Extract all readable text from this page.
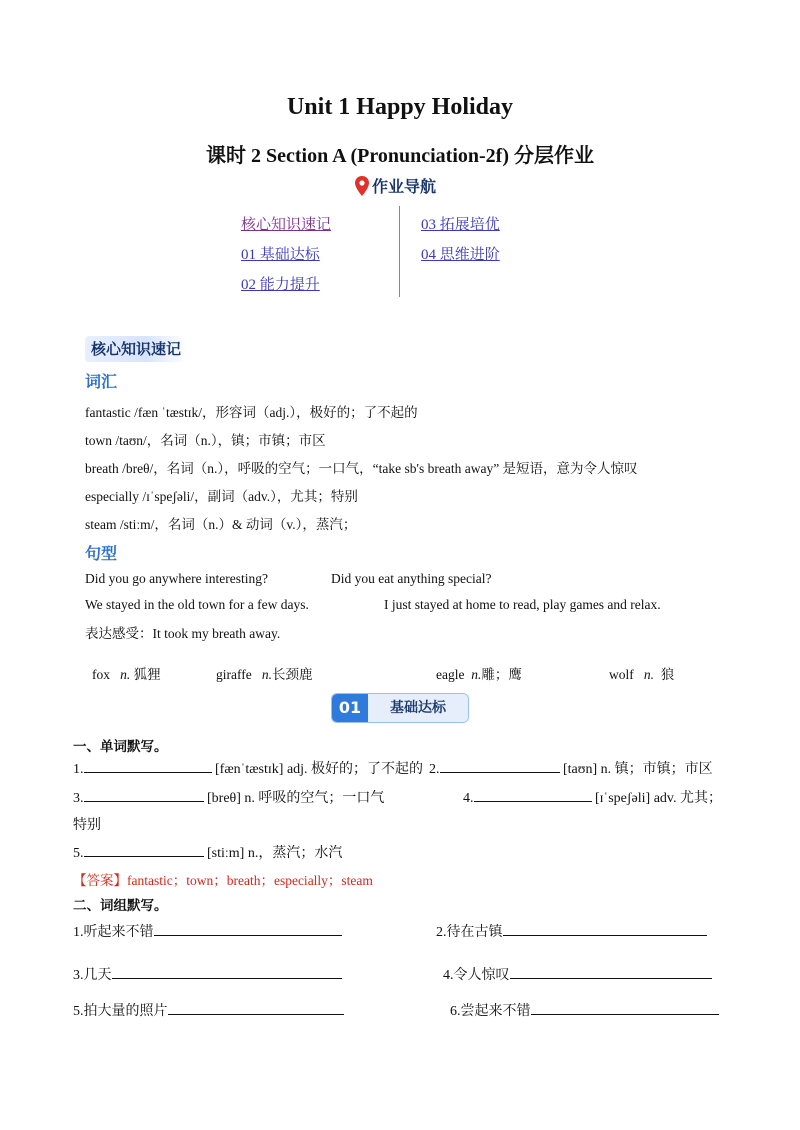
Unit 1 Happy Holiday
课时 2 Section A (Pronunciation-2f) 分层作业
作业导航
核心知识速记
01 基础达标
02 能力提升
03 拓展培优
04 思维进阶
核心知识速记
词汇
fantastic /fæn ˈtæstɪk/，形容词（adj.），极好的；了不起的
town /taʊn/，名词（n.），镇；市镇；市区
breath /breθ/，名词（n.），呼吸的空气；一口气，“take sb's breath away” 是短语，意为令人惊叹
especially /ɪˈspeʃəli/，副词（adv.），尤其；特别
steam /stiːm/，名词（n.）& 动词（v.），蒸汽；
句型
Did you go anywhere interesting?	Did you eat anything special?
We stayed in the old town for a few days.	I just stayed at home to read, play games and relax.
表达感受：It took my breath away.
fox n. 狐狸	giraffe n.长颈鹿	eagle n.雕；鹰	wolf n. 狼
01	基础达标
一、单词默写。
1.	[fænˈtæstɪk] adj. 极好的；了不起的 2.	[taʊn] n. 镇；市镇；市区
3.	[breθ] n. 呼吸的空气；一口气	4.	[ɪˈspeʃəli] adv. 尤其；
特别
5.	[stiːm] n.，蒸汽；水汽
【答案】fantastic；town；breath；especially；steam
二、词组默写。
1.听起来不错	2.待在古镇
3.几天	4.令人惊叹
5.拍大量的照片	6.尝起来不错
